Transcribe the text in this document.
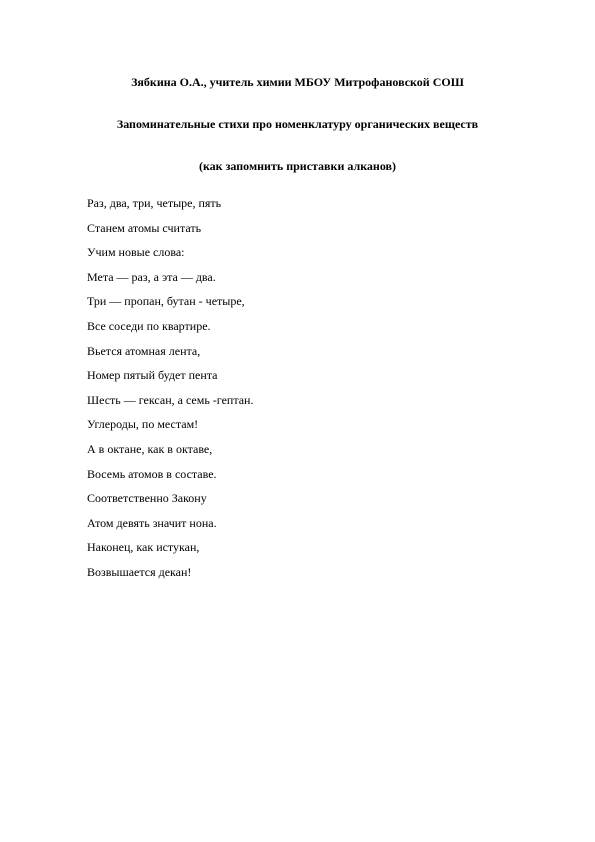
Зябкина О.А., учитель химии МБОУ Митрофановской СОШ
Запоминательные стихи про номенклатуру органических веществ
(как запомнить приставки алканов)
Раз, два, три, четыре, пять
Станем атомы считать
Учим новые слова:
Мета — раз, а эта — два.
Три — пропан, бутан - четыре,
Все соседи по квартире.
Вьется атомная лента,
Номер пятый будет пента
Шесть — гексан, а семь -гептан.
Углероды, по местам!
А в октане, как в октаве,
Восемь атомов в составе.
Соответственно Закону
Атом девять значит нона.
Наконец, как истукан,
Возвышается декан!
